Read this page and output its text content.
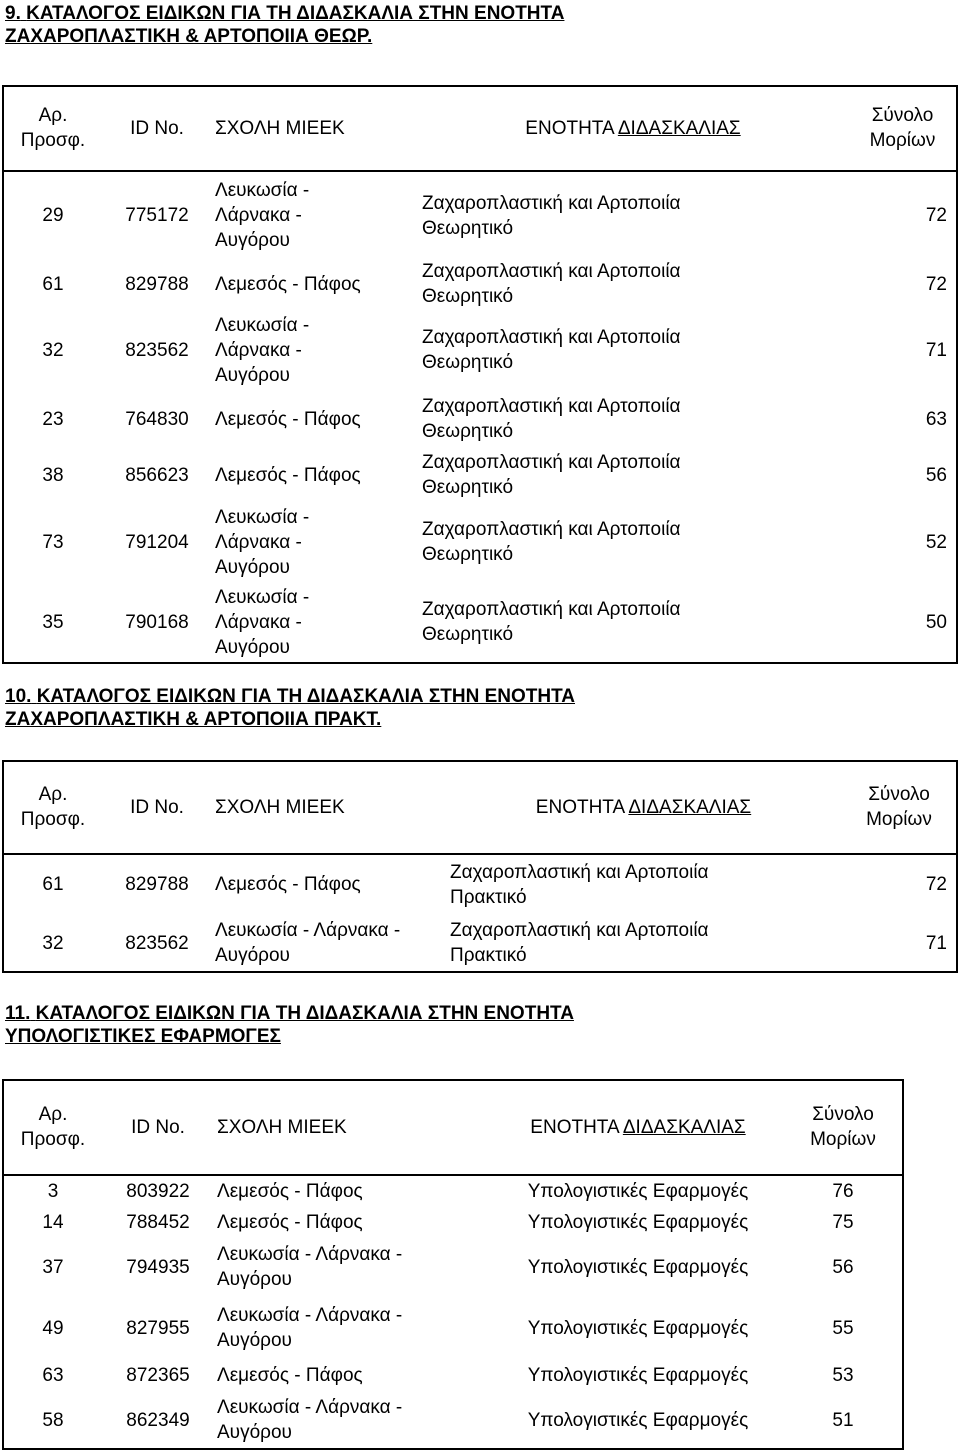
9. ΚΑΤΑΛΟΓΟΣ ΕΙΔΙΚΩΝ ΓΙΑ ΤΗ ΔΙΔΑΣΚΑΛΙΑ ΣΤΗΝ ΕΝΟΤΗΤΑ
ΖΑΧΑΡΟΠΛΑΣΤΙΚΗ & ΑΡΤΟΠΟΙΙΑ ΘΕΩΡ.
Αρ.
Προσφ.	ID No.	ΣΧΟΛΗ ΜΙΕΕΚ	ΕΝΟΤΗΤΑ ΔΙΔΑΣΚΑΛΙΑΣ	Σύνολο
Μορίων

29	775172	Λευκωσία - Λάρνακα - Αυγόρου	Ζαχαροπλαστική και Αρτοποιία Θεωρητικό	72
61	829788	Λεμεσός - Πάφος	Ζαχαροπλαστική και Αρτοποιία Θεωρητικό	72
32	823562	Λευκωσία - Λάρνακα - Αυγόρου	Ζαχαροπλαστική και Αρτοποιία Θεωρητικό	71
23	764830	Λεμεσός - Πάφος	Ζαχαροπλαστική και Αρτοποιία Θεωρητικό	63
38	856623	Λεμεσός - Πάφος	Ζαχαροπλαστική και Αρτοποιία Θεωρητικό	56
73	791204	Λευκωσία - Λάρνακα - Αυγόρου	Ζαχαροπλαστική και Αρτοποιία Θεωρητικό	52
35	790168	Λευκωσία - Λάρνακα - Αυγόρου	Ζαχαροπλαστική και Αρτοποιία Θεωρητικό	50
10. ΚΑΤΑΛΟΓΟΣ ΕΙΔΙΚΩΝ ΓΙΑ ΤΗ ΔΙΔΑΣΚΑΛΙΑ ΣΤΗΝ ΕΝΟΤΗΤΑ
ΖΑΧΑΡΟΠΛΑΣΤΙΚΗ & ΑΡΤΟΠΟΙΙΑ ΠΡΑΚΤ.
Αρ.
Προσφ.	ID No.	ΣΧΟΛΗ ΜΙΕΕΚ	ΕΝΟΤΗΤΑ ΔΙΔΑΣΚΑΛΙΑΣ	Σύνολο
Μορίων

61	829788	Λεμεσός - Πάφος	Ζαχαροπλαστική και Αρτοποιία Πρακτικό	72
32	823562	Λευκωσία - Λάρνακα - Αυγόρου	Ζαχαροπλαστική και Αρτοποιία Πρακτικό	71
11. ΚΑΤΑΛΟΓΟΣ ΕΙΔΙΚΩΝ ΓΙΑ ΤΗ ΔΙΔΑΣΚΑΛΙΑ ΣΤΗΝ ΕΝΟΤΗΤΑ
ΥΠΟΛΟΓΙΣΤΙΚΕΣ ΕΦΑΡΜΟΓΕΣ
Αρ.
Προσφ.	ID No.	ΣΧΟΛΗ ΜΙΕΕΚ	ΕΝΟΤΗΤΑ ΔΙΔΑΣΚΑΛΙΑΣ	Σύνολο
Μορίων

3	803922	Λεμεσός - Πάφος	Υπολογιστικές Εφαρμογές	76
14	788452	Λεμεσός - Πάφος	Υπολογιστικές Εφαρμογές	75
37	794935	Λευκωσία - Λάρνακα - Αυγόρου	Υπολογιστικές Εφαρμογές	56
49	827955	Λευκωσία - Λάρνακα - Αυγόρου	Υπολογιστικές Εφαρμογές	55
63	872365	Λεμεσός - Πάφος	Υπολογιστικές Εφαρμογές	53
58	862349	Λευκωσία - Λάρνακα - Αυγόρου	Υπολογιστικές Εφαρμογές	51
